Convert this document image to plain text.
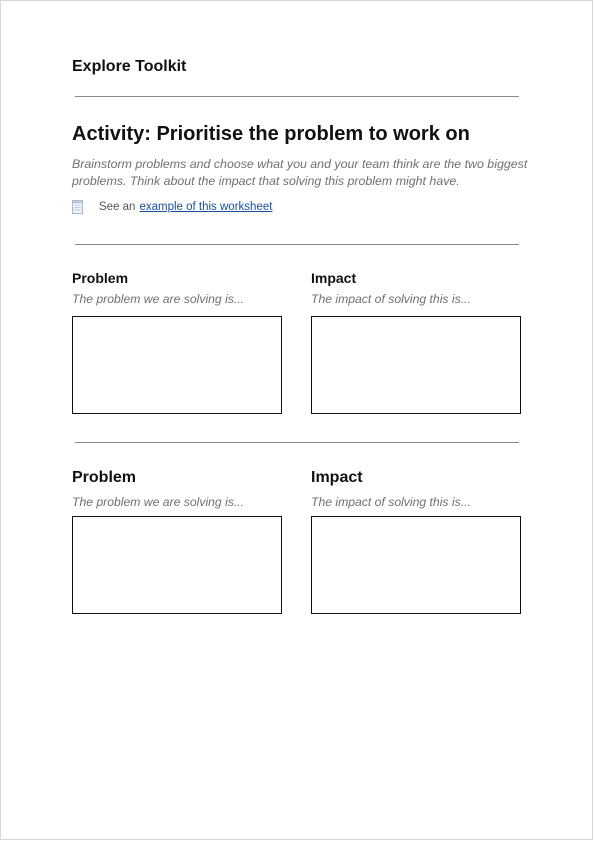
Explore Toolkit
Activity: Prioritise the problem to work on
Brainstorm problems and choose what you and your team think are the two biggest problems. Think about the impact that solving this problem might have.
See an example of this worksheet
Problem
The problem we are solving is...
Impact
The impact of solving this is...
Problem
The problem we are solving is...
Impact
The impact of solving this is...
